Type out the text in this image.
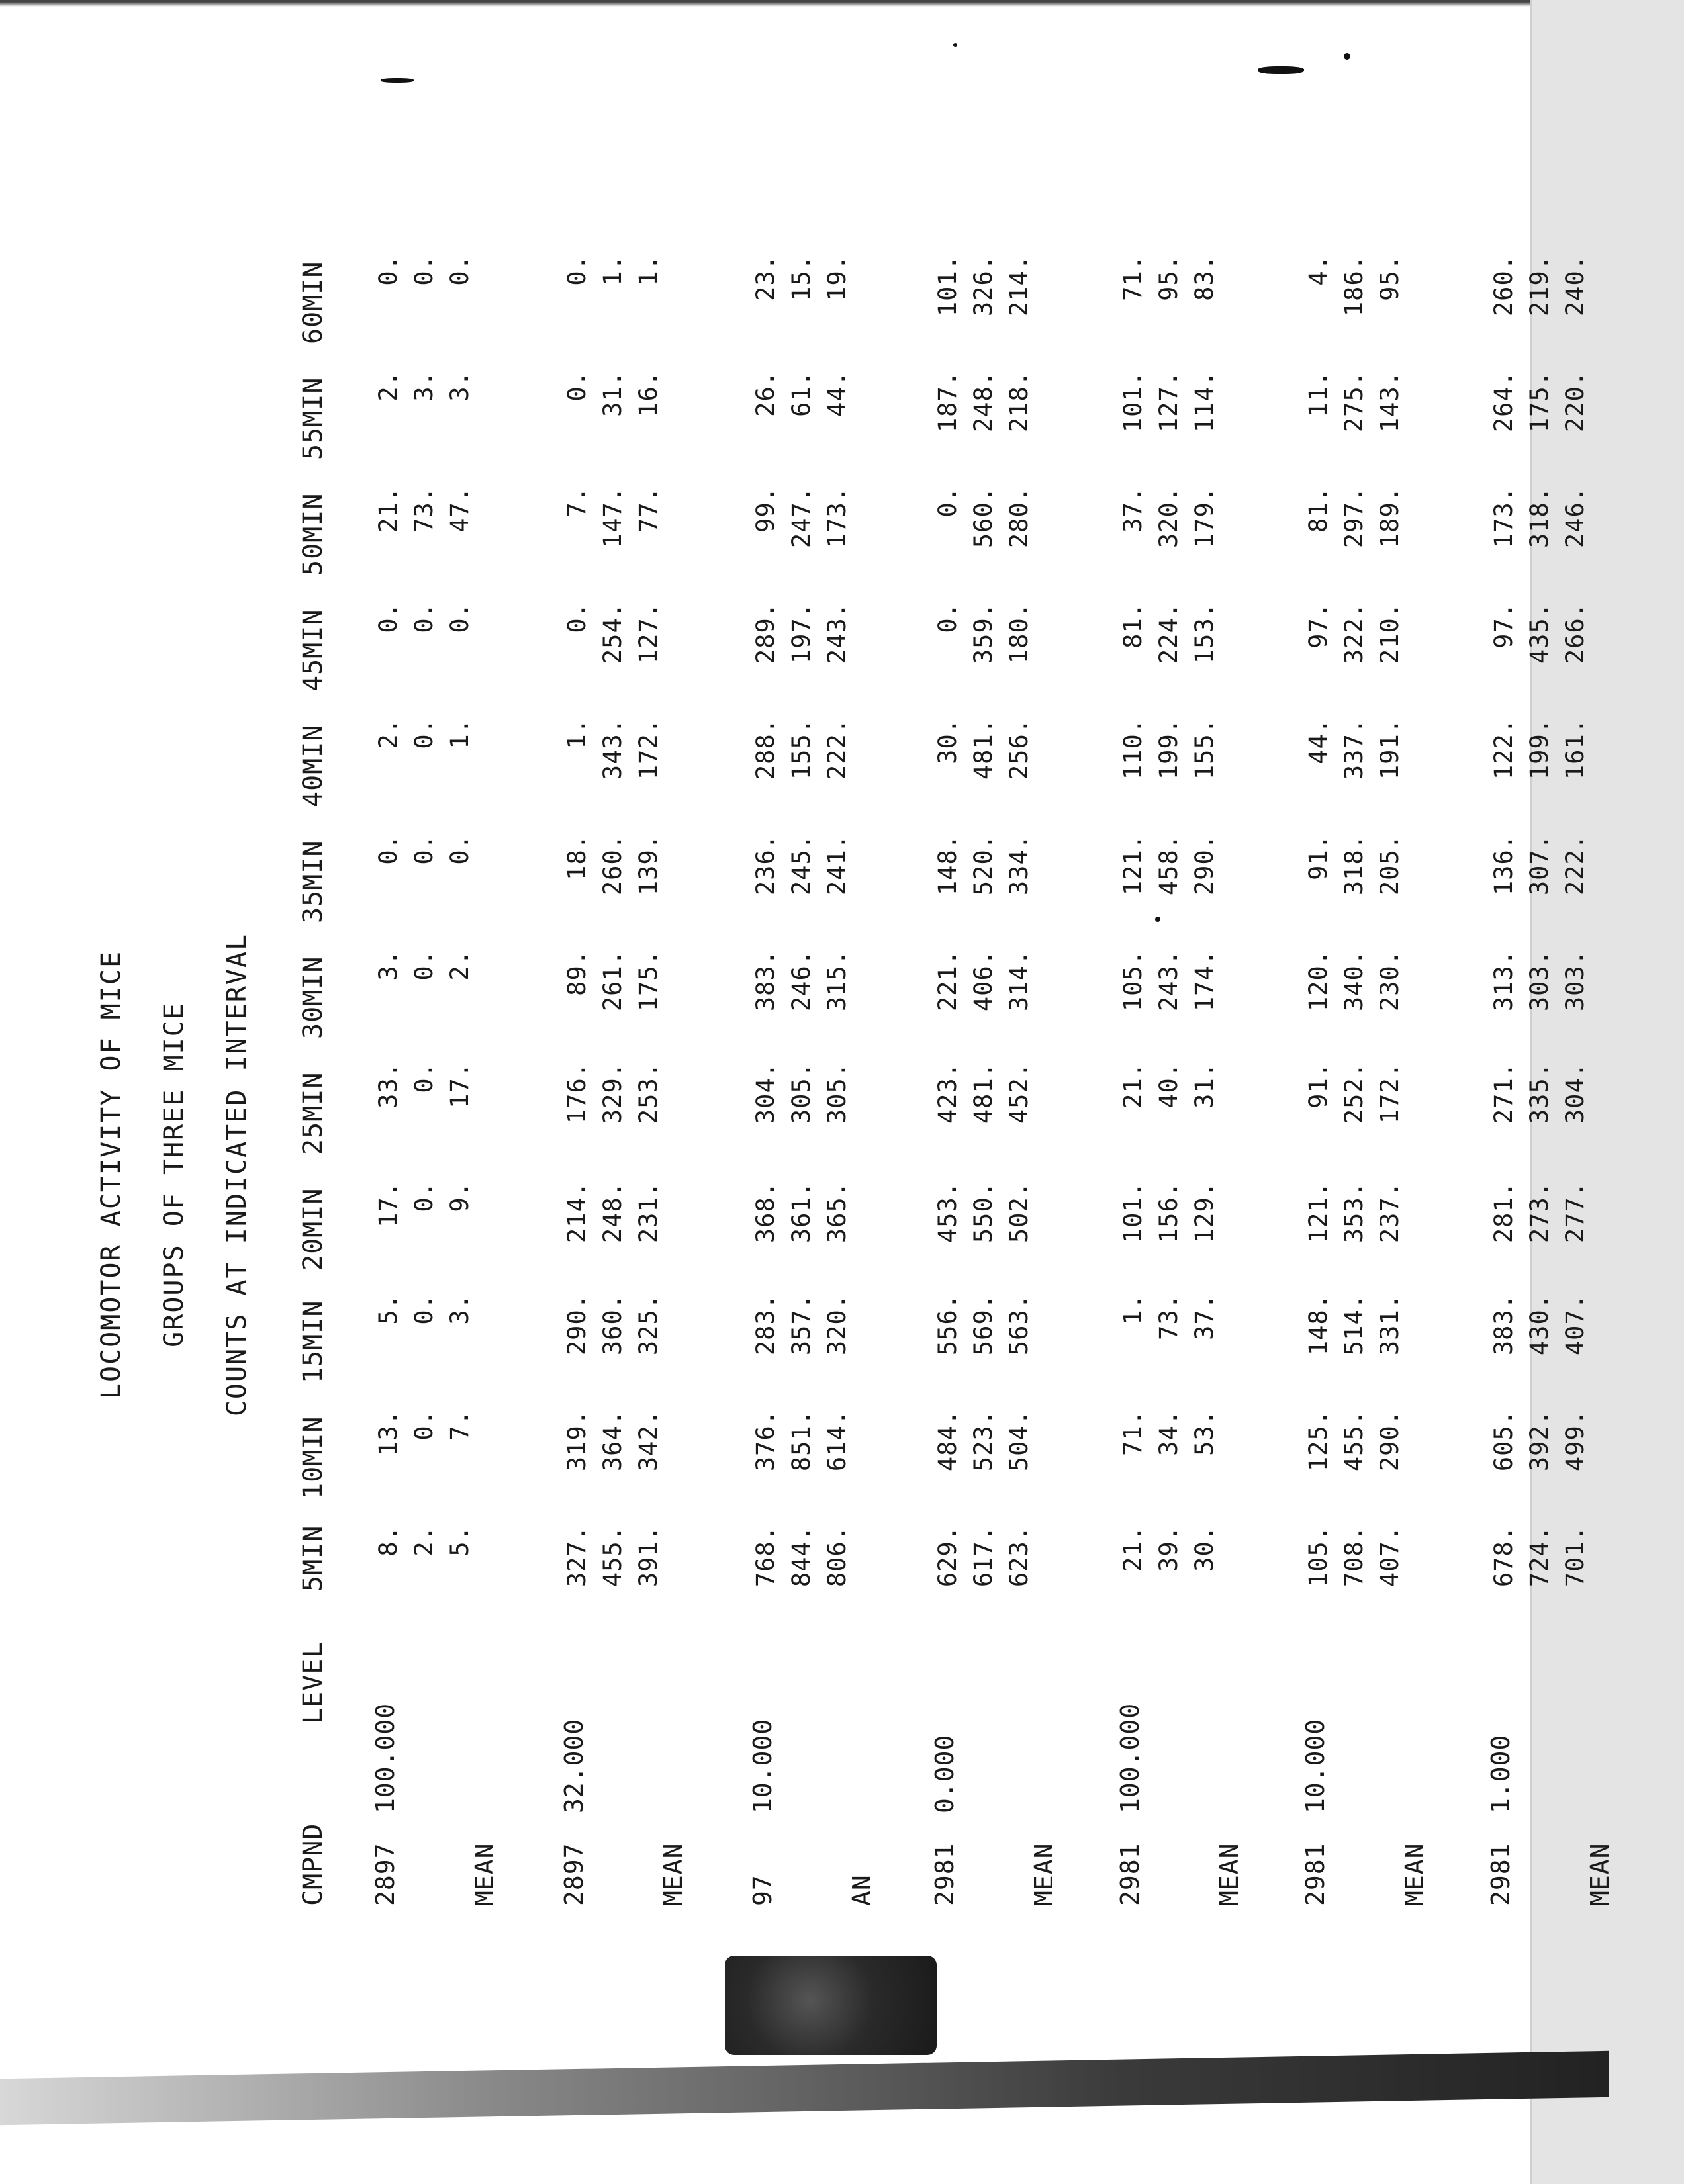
LOCOMOTOR ACTIVITY OF MICE GROUPS OF THREE MICE COUNTS AT INDICATED INTERVAL
CMPND
LEVEL
5MIN
10MIN
15MIN
20MIN
25MIN
30MIN
35MIN
40MIN
45MIN
50MIN
55MIN
60MIN
2897
100.000
MEAN
8.
13.
5.
17.
33.
3.
0.
2.
0.
21.
2.
0.
2.
0.
0.
0.
0.
0.
0.
0.
0.
73.
3.
0.
5.
7.
3.
9.
17.
2.
0.
1.
0.
47.
3.
0.
2897
32.000
MEAN
327.
319.
290.
214.
176.
89.
18.
1.
0.
7.
0.
0.
455.
364.
360.
248.
329.
261.
260.
343.
254.
147.
31.
1.
391.
342.
325.
231.
253.
175.
139.
172.
127.
77.
16.
1.
97
10.000
AN
768.
376.
283.
368.
304.
383.
236.
288.
289.
99.
26.
23.
844.
851.
357.
361.
305.
246.
245.
155.
197.
247.
61.
15.
806.
614.
320.
365.
305.
315.
241.
222.
243.
173.
44.
19.
2981
0.000
MEAN
629.
484.
556.
453.
423.
221.
148.
30.
0.
0.
187.
101.
617.
523.
569.
550.
481.
406.
520.
481.
359.
560.
248.
326.
623.
504.
563.
502.
452.
314.
334.
256.
180.
280.
218.
214.
2981
100.000
MEAN
21.
71.
1.
101.
21.
105.
121.
110.
81.
37.
101.
71.
39.
34.
73.
156.
40.
243.
458.
199.
224.
320.
127.
95.
30.
53.
37.
129.
31.
174.
290.
155.
153.
179.
114.
83.
2981
10.000
MEAN
105.
125.
148.
121.
91.
120.
91.
44.
97.
81.
11.
4.
708.
455.
514.
353.
252.
340.
318.
337.
322.
297.
275.
186.
407.
290.
331.
237.
172.
230.
205.
191.
210.
189.
143.
95.
2981
1.000
MEAN
678.
605.
383.
281.
271.
313.
136.
122.
97.
173.
264.
260.
724.
392.
430.
273.
335.
303.
307.
199.
435.
318.
175.
219.
701.
499.
407.
277.
304.
303.
222.
161.
266.
246.
220.
240.
